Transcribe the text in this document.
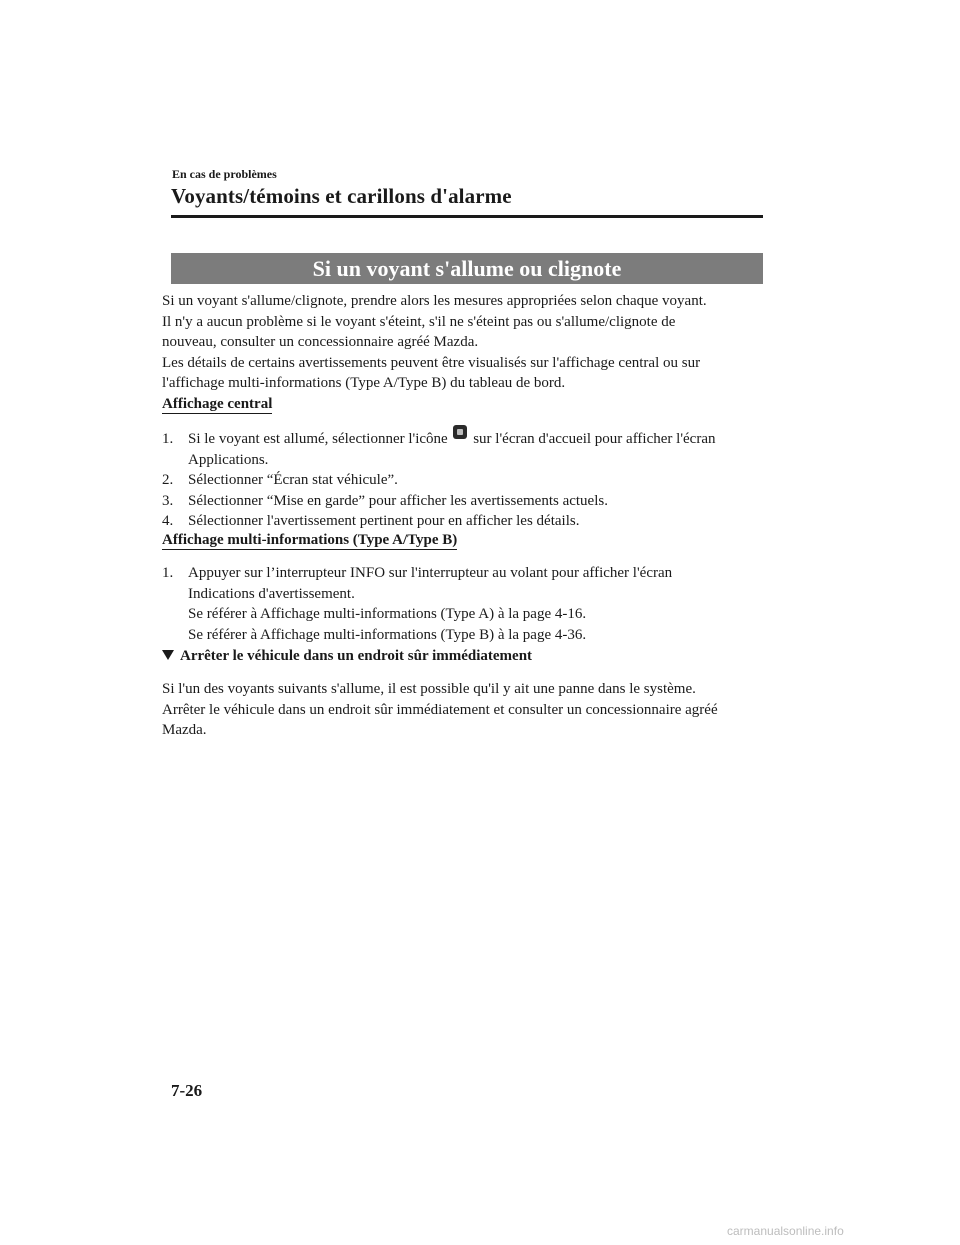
En cas de problèmes
Voyants/témoins et carillons d'alarme
Si un voyant s'allume ou clignote
Si un voyant s'allume/clignote, prendre alors les mesures appropriées selon chaque voyant.
Il n'y a aucun problème si le voyant s'éteint, s'il ne s'éteint pas ou s'allume/clignote de
nouveau, consulter un concessionnaire agréé Mazda.
Les détails de certains avertissements peuvent être visualisés sur l'affichage central ou sur
l'affichage multi-informations (Type A/Type B) du tableau de bord.
Affichage central
1. Si le voyant est allumé, sélectionner l'icône sur l'écran d'accueil pour afficher l'écran
Applications.
2. Sélectionner “Écran stat véhicule”.
3. Sélectionner “Mise en garde” pour afficher les avertissements actuels.
4. Sélectionner l'avertissement pertinent pour en afficher les détails.
Affichage multi-informations (Type A/Type B)
1. Appuyer sur l’interrupteur INFO sur l'interrupteur au volant pour afficher l'écran
Indications d'avertissement.
Se référer à Affichage multi-informations (Type A) à la page 4-16.
Se référer à Affichage multi-informations (Type B) à la page 4-36.
Arrêter le véhicule dans un endroit sûr immédiatement
Si l'un des voyants suivants s'allume, il est possible qu'il y ait une panne dans le système.
Arrêter le véhicule dans un endroit sûr immédiatement et consulter un concessionnaire agréé
Mazda.
7-26
carmanualsonline.info
